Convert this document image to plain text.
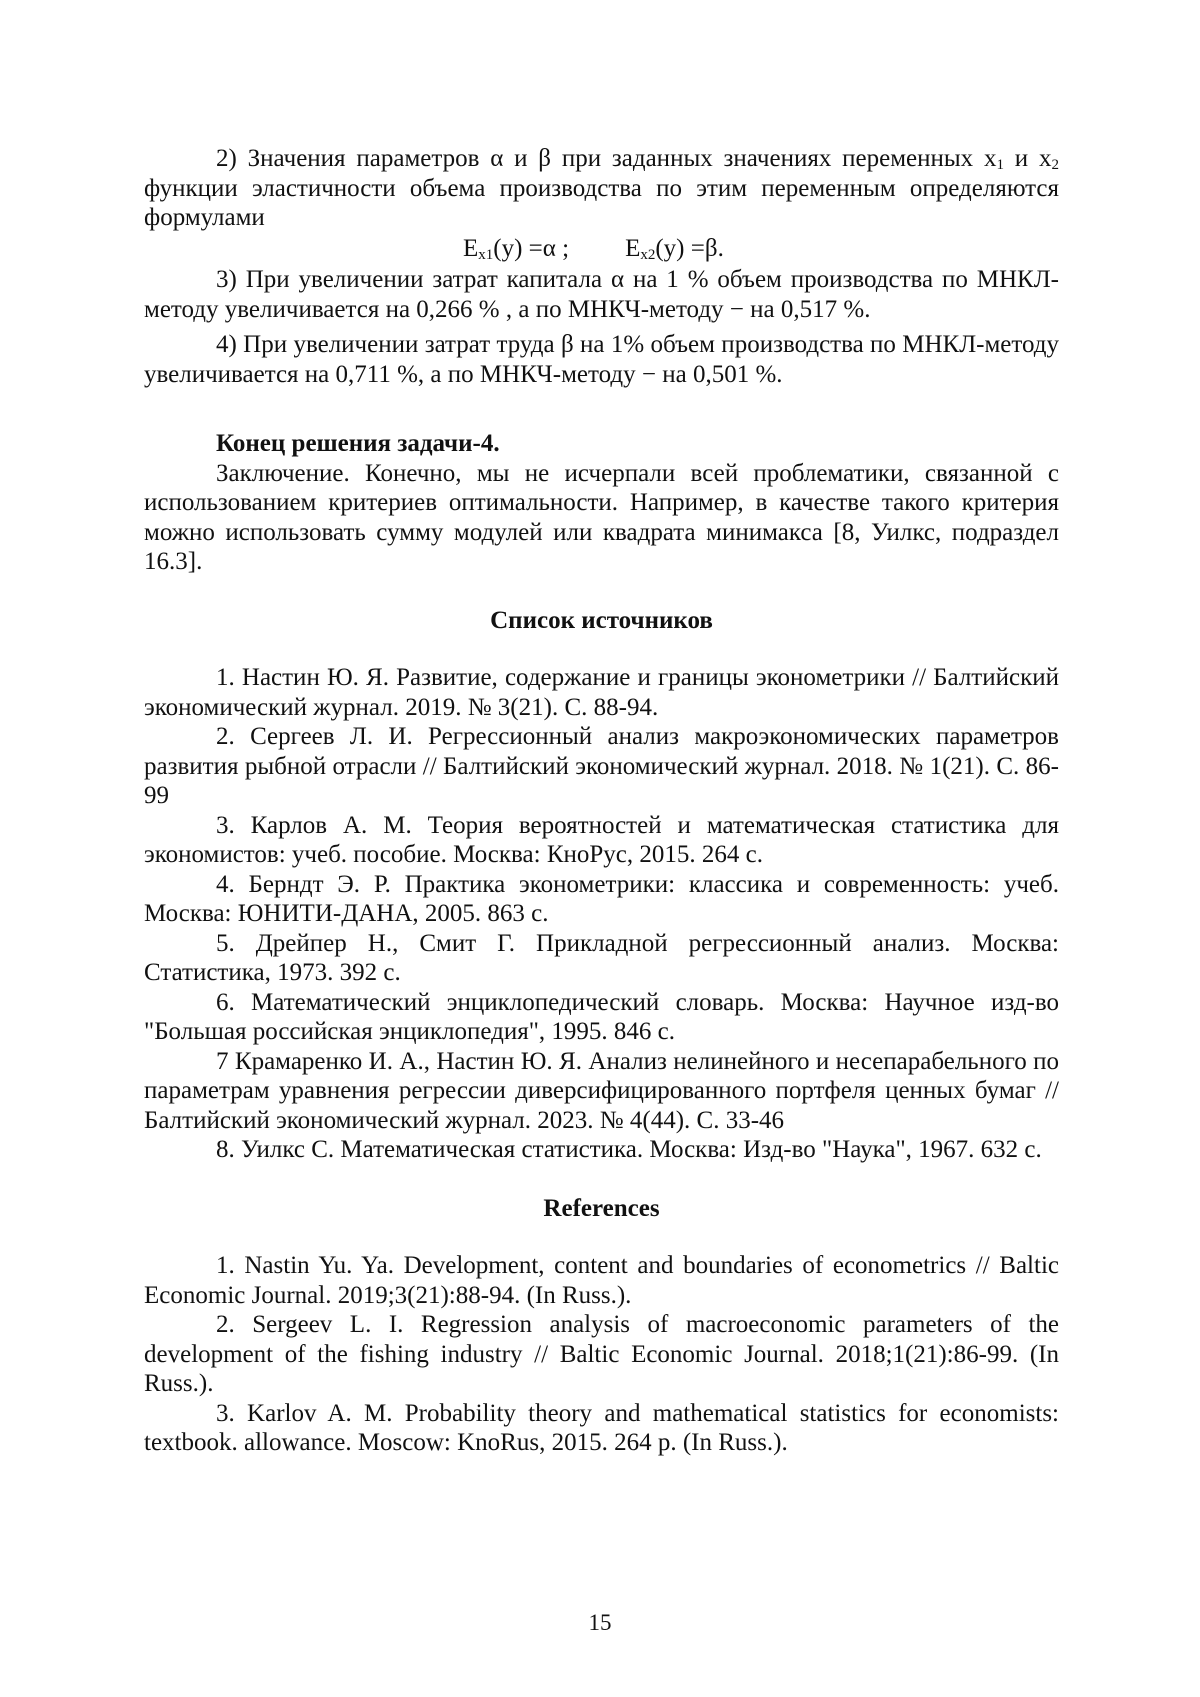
2) Значения параметров α и β при заданных значениях переменных $x_1$ и $x_2$ функции эластичности объема производства по этим переменным определяются формулами

$E_{x1}(y) =\alpha$ ; $E_{x2}(y) =\beta$.

3) При увеличении затрат капитала α на 1 % объем производства по МНКЛ-методу увеличивается на 0,266 % , а по МНКЧ-методу − на 0,517 %.

4) При увеличении затрат труда β на 1% объем производства по МНКЛ-методу увеличивается на 0,711 %, а по МНКЧ-методу − на 0,501 %.

Конец решения задачи-4.

Заключение. Конечно, мы не исчерпали всей проблематики, связанной с использованием критериев оптимальности. Например, в качестве такого критерия можно использовать сумму модулей или квадрата минимакса [8, Уилкс, подраздел 16.3].

Список источников

1. Настин Ю. Я. Развитие, содержание и границы эконометрики // Балтийский экономический журнал. 2019. № 3(21). С. 88-94.

2. Сергеев Л. И. Регрессионный анализ макроэкономических параметров развития рыбной отрасли // Балтийский экономический журнал. 2018. № 1(21). С. 86-99

3. Карлов А. М. Теория вероятностей и математическая статистика для экономистов: учеб. пособие. Москва: КноРус, 2015. 264 с.

4. Берндт Э. Р. Практика эконометрики: классика и современность: учеб. Москва: ЮНИТИ-ДАНА, 2005. 863 с.

5. Дрейпер Н., Смит Г. Прикладной регрессионный анализ. Москва: Статистика, 1973. 392 с.

6. Математический энциклопедический словарь. Москва: Научное изд-во "Большая российская энциклопедия", 1995. 846 с.

7 Крамаренко И. А., Настин Ю. Я. Анализ нелинейного и несепарабельного по параметрам уравнения регрессии диверсифицированного портфеля ценных бумаг // Балтийский экономический журнал. 2023. № 4(44). С. 33-46

8. Уилкс С. Математическая статистика. Москва: Изд-во "Наука", 1967. 632 с.

References

1. Nastin Yu. Ya. Development, content and boundaries of econometrics // Baltic Economic Journal. 2019;3(21):88-94. (In Russ.).

2. Sergeev L. I. Regression analysis of macroeconomic parameters of the development of the fishing industry // Baltic Economic Journal. 2018;1(21):86-99. (In Russ.).

3. Karlov A. M. Probability theory and mathematical statistics for economists: textbook. allowance. Moscow: KnoRus, 2015. 264 p. (In Russ.).

15
